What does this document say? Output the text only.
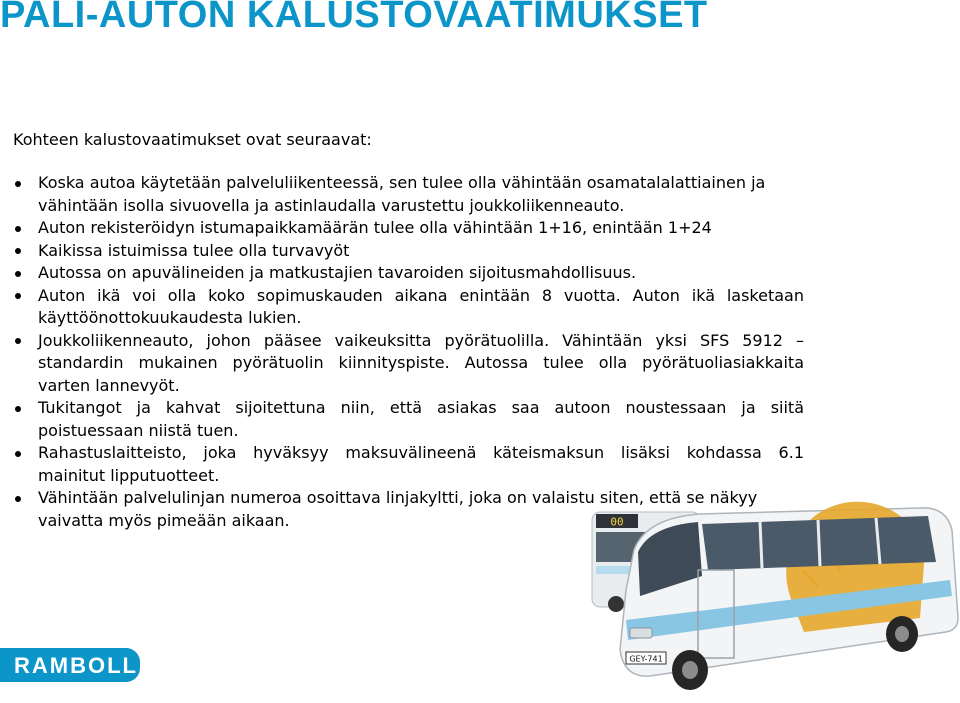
PALI-AUTON KALUSTOVAATIMUKSET

Kohteen kalustovaatimukset ovat seuraavat:

Koska autoa käytetään palveluliikenteessä, sen tulee olla vähintään osamatalalattiainen ja
vähintään isolla sivuovella ja astinlaudalla varustettu joukkoliikenneauto.
Auton rekisteröidyn istumapaikkamäärän tulee olla vähintään 1+16, enintään 1+24
Kaikissa istuimissa tulee olla turvavyöt
Autossa on apuvälineiden ja matkustajien tavaroiden sijoitusmahdollisuus.
Auton ikä voi olla koko sopimuskauden aikana enintään 8 vuotta. Auton ikä lasketaan
käyttöönottokuukaudesta lukien.
Joukkoliikenneauto, johon pääsee vaikeuksitta pyörätuolilla. Vähintään yksi SFS 5912 –
standardin mukainen pyörätuolin kiinnityspiste. Autossa tulee olla pyörätuoliasiakkaita
varten lannevyöt.
Tukitangot ja kahvat sijoitettuna niin, että asiakas saa autoon noustessaan ja siitä
poistuessaan niistä tuen.
Rahastuslaitteisto, joka hyväksyy maksuvälineenä käteismaksun lisäksi kohdassa 6.1
mainitut lipputuotteet.
Vähintään palvelulinjan numeroa osoittava linjakyltti, joka on valaistu siten, että se näkyy
vaivatta myös pimeään aikaan.
RAMBOLL
00
GEY-741
